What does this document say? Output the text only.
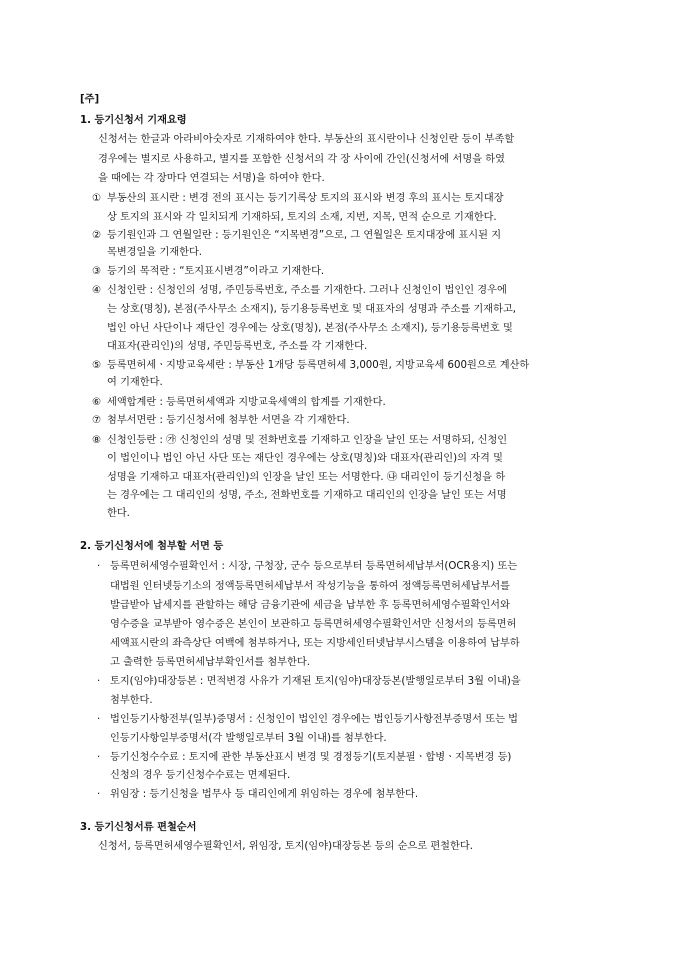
[주]
1. 등기신청서 기재요령
신청서는 한글과 아라비아숫자로 기재하여야 한다. 부동산의 표시란이나 신청인란 등이 부족할
경우에는 별지로 사용하고, 별지를 포함한 신청서의 각 장 사이에 간인(신청서에 서명을 하였
을 때에는 각 장마다 연결되는 서명)을 하여야 한다.
① 부동산의 표시란 : 변경 전의 표시는 등기기록상 토지의 표시와 변경 후의 표시는 토지대장
상 토지의 표시와 각 일치되게 기재하되, 토지의 소재, 지번, 지목, 면적 순으로 기재한다.
② 등기원인과 그 연월일란 : 등기원인은 “지목변경”으로, 그 연월일은 토지대장에 표시된 지
목변경일을 기재한다.
③ 등기의 목적란 : “토지표시변경”이라고 기재한다.
④ 신청인란 : 신청인의 성명, 주민등록번호, 주소를 기재한다. 그러나 신청인이 법인인 경우에
는 상호(명칭), 본점(주사무소 소재지), 등기용등록번호 및 대표자의 성명과 주소를 기재하고,
법인 아닌 사단이나 재단인 경우에는 상호(명칭), 본점(주사무소 소재지), 등기용등록번호 및
대표자(관리인)의 성명, 주민등록번호, 주소를 각 기재한다.
⑤ 등록면허세ㆍ지방교육세란 : 부동산 1개당 등록면허세 3,000원, 지방교육세 600원으로 계산하
여 기재한다.
⑥ 세액합계란 : 등록면허세액과 지방교육세액의 합계를 기재한다.
⑦ 첨부서면란 : 등기신청서에 첨부한 서면을 각 기재한다.
⑧ 신청인등란 : ㉮ 신청인의 성명 및 전화번호를 기재하고 인장을 날인 또는 서명하되, 신청인
이 법인이나 법인 아닌 사단 또는 재단인 경우에는 상호(명칭)와 대표자(관리인)의 자격 및
성명을 기재하고 대표자(관리인)의 인장을 날인 또는 서명한다. ㉯ 대리인이 등기신청을 하
는 경우에는 그 대리인의 성명, 주소, 전화번호를 기재하고 대리인의 인장을 날인 또는 서명
한다.
2. 등기신청서에 첨부할 서면 등
· 등록면허세영수필확인서 : 시장, 구청장, 군수 등으로부터 등록면허세납부서(OCR용지) 또는
대법원 인터넷등기소의 정액등록면허세납부서 작성기능을 통하여 정액등록면허세납부서를
발급받아 납세지를 관할하는 해당 금융기관에 세금을 납부한 후 등록면허세영수필확인서와
영수증을 교부받아 영수증은 본인이 보관하고 등록면허세영수필확인서만 신청서의 등록면허
세액표시란의 좌측상단 여백에 첨부하거나, 또는 지방세인터넷납부시스템을 이용하여 납부하
고 출력한 등록면허세납부확인서를 첨부한다.
· 토지(임야)대장등본 : 면적변경 사유가 기재된 토지(임야)대장등본(발행일로부터 3월 이내)을
첨부한다.
· 법인등기사항전부(일부)증명서 : 신청인이 법인인 경우에는 법인등기사항전부증명서 또는 법
인등기사항일부증명서(각 발행일로부터 3월 이내)를 첨부한다.
· 등기신청수수료 : 토지에 관한 부동산표시 변경 및 경정등기(토지분필ㆍ합병ㆍ지목변경 등)
신청의 경우 등기신청수수료는 면제된다.
· 위임장 : 등기신청을 법무사 등 대리인에게 위임하는 경우에 첨부한다.
3. 등기신청서류 편철순서
신청서, 등록면허세영수필확인서, 위임장, 토지(임야)대장등본 등의 순으로 편철한다.
